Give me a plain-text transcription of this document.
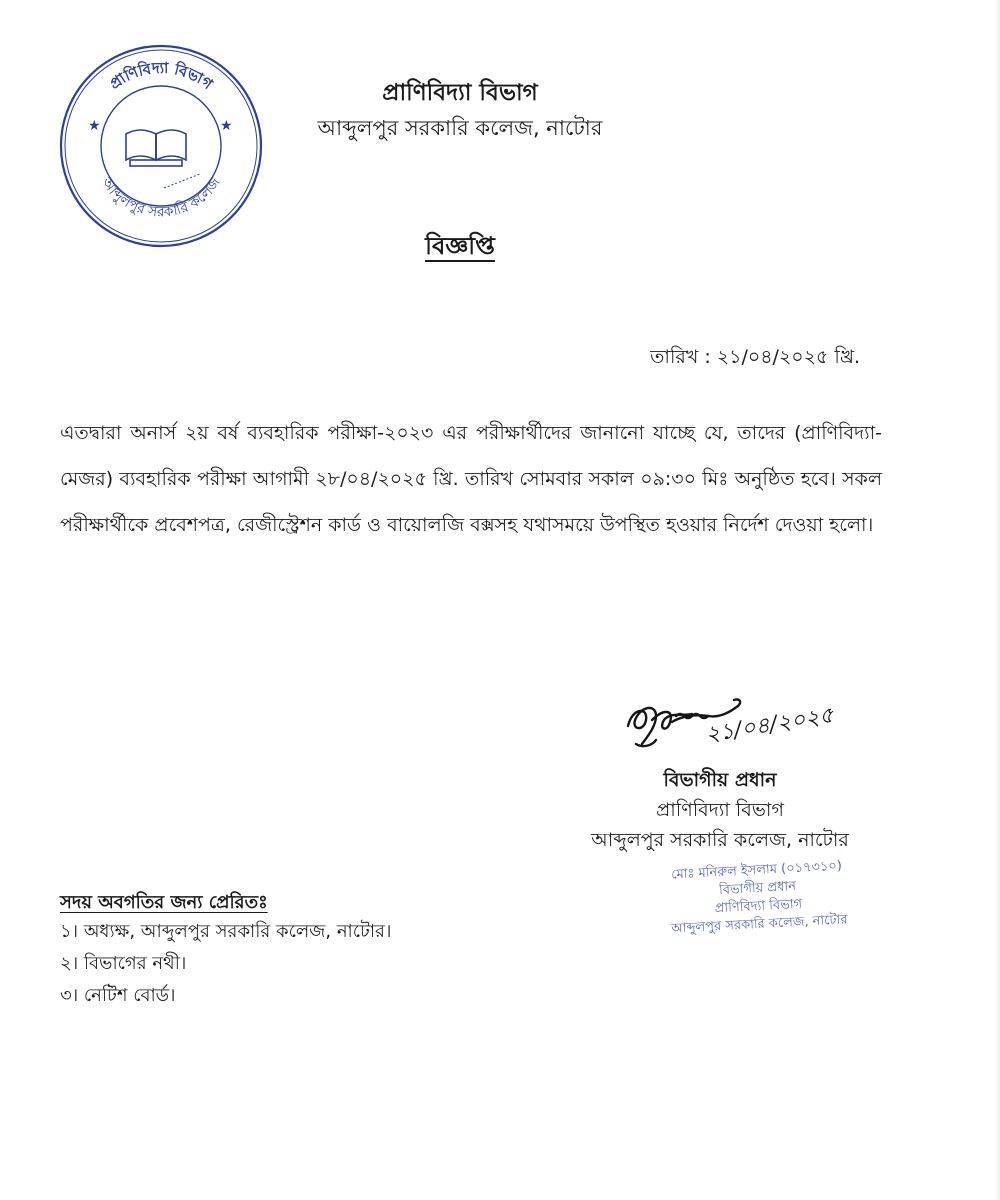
প্রাণিবিদ্যা বিভাগ
আব্দুলপুর সরকারি কলেজ
★	★
প্রাণিবিদ্যা বিভাগ
আব্দুলপুর সরকারি কলেজ, নাটোর
বিজ্ঞপ্তি
তারিখ : ২১/০৪/২০২৫ খ্রি.
এতদ্বারা অনার্স ২য় বর্ষ ব্যবহারিক পরীক্ষা-২০২৩ এর পরীক্ষার্থীদের জানানো যাচ্ছে যে, তাদের (প্রাণিবিদ্যা-
মেজর) ব্যবহারিক পরীক্ষা আগামী ২৮/০৪/২০২৫ খ্রি. তারিখ সোমবার সকাল ০৯:৩০ মিঃ অনুষ্ঠিত হবে। সকল
পরীক্ষার্থীকে প্রবেশপত্র, রেজীস্ট্রেশন কার্ড ও বায়োলজি বক্সসহ যথাসময়ে উপস্থিত হওয়ার নির্দেশ দেওয়া হলো।
২১/০৪/২০২৫
বিভাগীয় প্রধান
প্রাণিবিদ্যা বিভাগ
আব্দুলপুর সরকারি কলেজ, নাটোর
মোঃ মনিরুল ইসলাম (০১৭৩১০)
বিভাগীয় প্রধান
প্রাণিবিদ্যা বিভাগ
আব্দুলপুর সরকারি কলেজ, নাটোর
সদয় অবগতির জন্য প্রেরিতঃ
১। অধ্যক্ষ, আব্দুলপুর সরকারি কলেজ, নাটোর।
২। বিভাগের নথী।
৩। নেটিশ বোর্ড।
